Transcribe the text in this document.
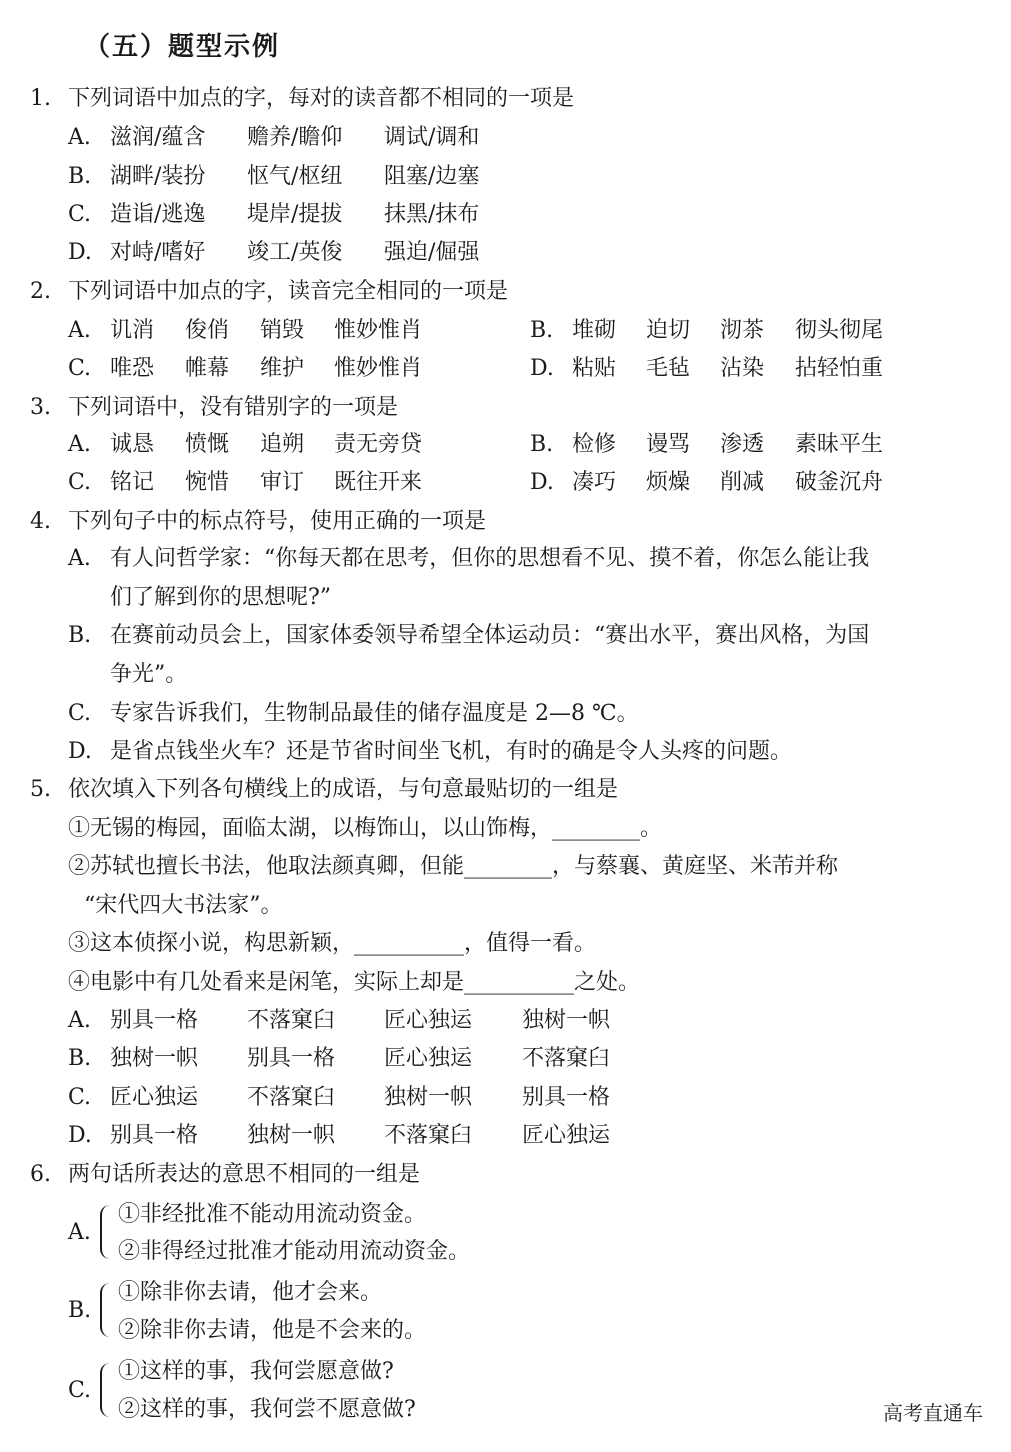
（五）题型示例
1. 下列词语中加点的字，每对的读音都不相同的一项是
A. 滋润/蕴含 赡养/瞻仰 调试/调和
B. 湖畔/装扮 怄气/枢纽 阻塞/边塞
C. 造诣/逃逸 堤岸/提拔 抹黑/抹布
D. 对峙/嗜好 竣工/英俊 强迫/倔强
2. 下列词语中加点的字，读音完全相同的一项是
A. 讥消 俊俏 销毁 惟妙惟肖	B. 堆砌 迫切 沏茶 彻头彻尾
C. 唯恐 帷幕 维护 惟妙惟肖	D. 粘贴 毛毡 沾染 拈轻怕重
3. 下列词语中，没有错别字的一项是
A. 诚恳 愤慨 追朔 责无旁贷	B. 检修 谩骂 渗透 素昧平生
C. 铭记 惋惜 审订 既往开来	D. 凑巧 烦燥 削减 破釜沉舟
4. 下列句子中的标点符号，使用正确的一项是
A. 有人问哲学家：“你每天都在思考，但你的思想看不见、摸不着，你怎么能让我
们了解到你的思想呢?”
B. 在赛前动员会上，国家体委领导希望全体运动员：“赛出水平，赛出风格，为国
争光”。
C. 专家告诉我们，生物制品最佳的储存温度是 2—8 ℃。
D. 是省点钱坐火车？还是节省时间坐飞机，有时的确是令人头疼的问题。
5. 依次填入下列各句横线上的成语，与句意最贴切的一组是
①无锡的梅园，面临太湖，以梅饰山，以山饰梅，________。
②苏轼也擅长书法，他取法颜真卿，但能________，与蔡襄、黄庭坚、米芾并称
“宋代四大书法家”。
③这本侦探小说，构思新颖，__________，值得一看。
④电影中有几处看来是闲笔，实际上却是__________之处。
A. 别具一格 不落窠臼 匠心独运 独树一帜
B. 独树一帜 别具一格 匠心独运 不落窠臼
C. 匠心独运 不落窠臼 独树一帜 别具一格
D. 别具一格 独树一帜 不落窠臼 匠心独运
6. 两句话所表达的意思不相同的一组是
A.
①非经批准不能动用流动资金。
②非得经过批准才能动用流动资金。
B.
①除非你去请，他才会来。
②除非你去请，他是不会来的。
C.
①这样的事，我何尝愿意做?
②这样的事，我何尝不愿意做?	高考直通车
